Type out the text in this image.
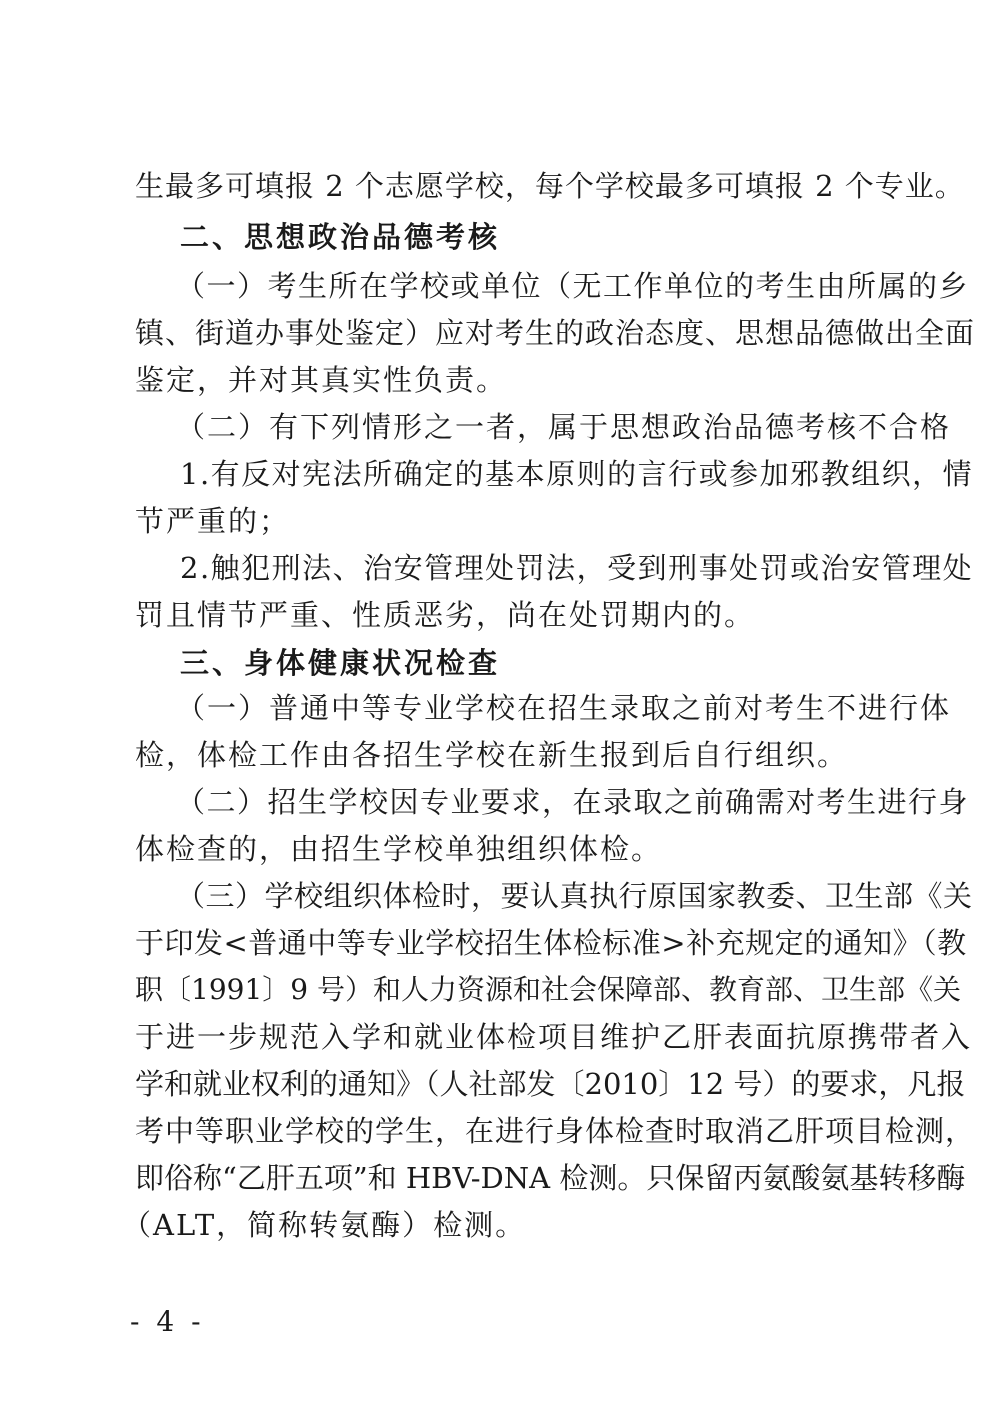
生最多可填报 2 个志愿学校，每个学校最多可填报 2 个专业。
二、思想政治品德考核
（一）考生所在学校或单位（无工作单位的考生由所属的乡
镇、街道办事处鉴定）应对考生的政治态度、思想品德做出全面
鉴定，并对其真实性负责。
（二）有下列情形之一者，属于思想政治品德考核不合格
1.有反对宪法所确定的基本原则的言行或参加邪教组织，情
节严重的；
2.触犯刑法、治安管理处罚法，受到刑事处罚或治安管理处
罚且情节严重、性质恶劣，尚在处罚期内的。
三、身体健康状况检查
（一）普通中等专业学校在招生录取之前对考生不进行体
检，体检工作由各招生学校在新生报到后自行组织。
（二）招生学校因专业要求，在录取之前确需对考生进行身
体检查的，由招生学校单独组织体检。
（三）学校组织体检时，要认真执行原国家教委、卫生部《关
于印发<普通中等专业学校招生体检标准>补充规定的通知》（教
职〔1991〕9 号）和人力资源和社会保障部、教育部、卫生部《关
于进一步规范入学和就业体检项目维护乙肝表面抗原携带者入
学和就业权利的通知》（人社部发〔2010〕12 号）的要求，凡报
考中等职业学校的学生，在进行身体检查时取消乙肝项目检测，
即俗称“乙肝五项”和 HBV-DNA 检测。只保留丙氨酸氨基转移酶
（ALT，简称转氨酶）检测。
- 4 -
